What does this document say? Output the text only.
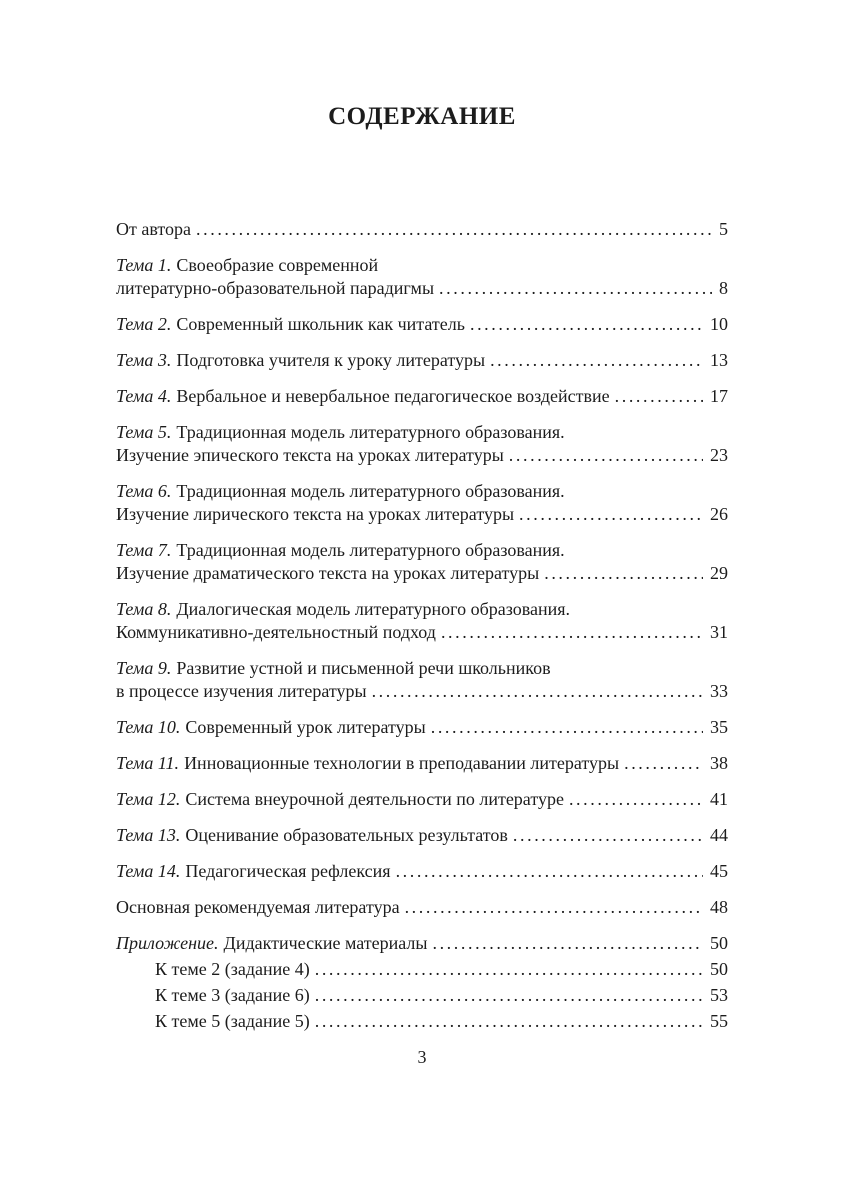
СОДЕРЖАНИЕ
От автора .....	5
Тема 1. Своеобразие современной
литературно-образовательной парадигмы .....	8
Тема 2. Современный школьник как читатель .....	10
Тема 3. Подготовка учителя к уроку литературы .....	13
Тема 4. Вербальное и невербальное педагогическое воздействие .....	17
Тема 5. Традиционная модель литературного образования.
Изучение эпического текста на уроках литературы .....	23
Тема 6. Традиционная модель литературного образования.
Изучение лирического текста на уроках литературы .....	26
Тема 7. Традиционная модель литературного образования.
Изучение драматического текста на уроках литературы .....	29
Тема 8. Диалогическая модель литературного образования.
Коммуникативно-деятельностный подход .....	31
Тема 9. Развитие устной и письменной речи школьников
в процессе изучения литературы .....	33
Тема 10. Современный урок литературы .....	35
Тема 11. Инновационные технологии в преподавании литературы .....	38
Тема 12. Система внеурочной деятельности по литературе .....	41
Тема 13. Оценивание образовательных результатов .....	44
Тема 14. Педагогическая рефлексия .....	45
Основная рекомендуемая литература .....	48
Приложение. Дидактические материалы .....	50
К теме 2 (задание 4) .....	50
К теме 3 (задание 6) .....	53
К теме 5 (задание 5) .....	55
3
